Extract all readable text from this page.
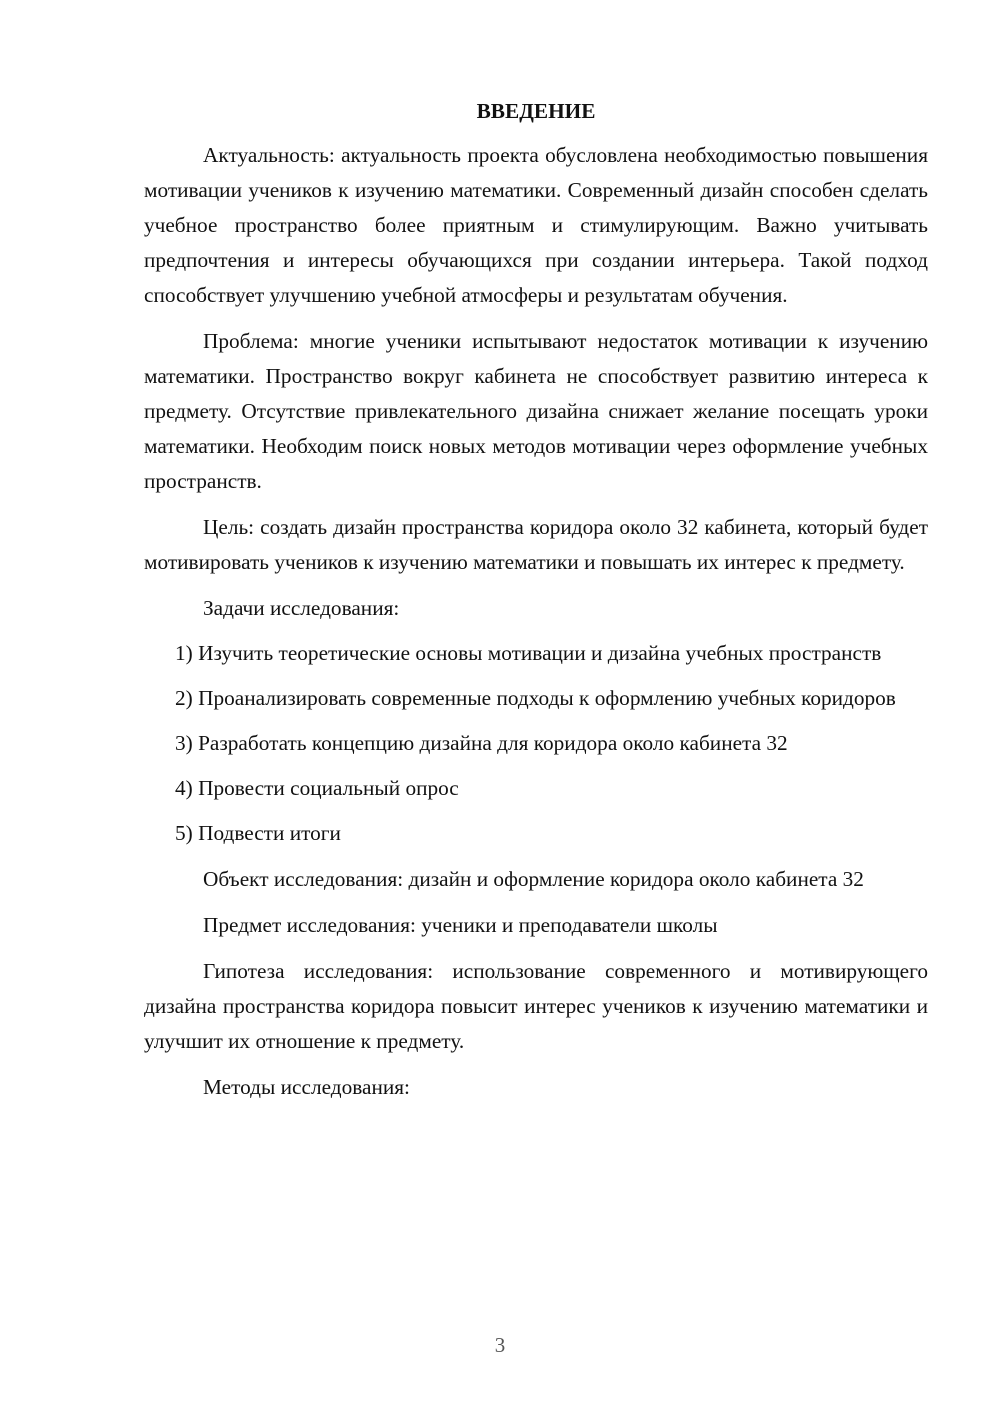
ВВЕДЕНИЕ

Актуальность: актуальность проекта обусловлена необходимостью повышения мотивации учеников к изучению математики. Современный дизайн способен сделать учебное пространство более приятным и стимулирующим. Важно учитывать предпочтения и интересы обучающихся при создании интерьера. Такой подход способствует улучшению учебной атмосферы и результатам обучения.

Проблема: многие ученики испытывают недостаток мотивации к изучению математики. Пространство вокруг кабинета не способствует развитию интереса к предмету. Отсутствие привлекательного дизайна снижает желание посещать уроки математики. Необходим поиск новых методов мотивации через оформление учебных пространств.

Цель: создать дизайн пространства коридора около 32 кабинета, который будет мотивировать учеников к изучению математики и повышать их интерес к предмету.

Задачи исследования:

1) Изучить теоретические основы мотивации и дизайна учебных пространств

2) Проанализировать современные подходы к оформлению учебных коридоров

3) Разработать концепцию дизайна для коридора около кабинета 32

4) Провести социальный опрос

5) Подвести итоги

Объект исследования: дизайн и оформление коридора около кабинета 32

Предмет исследования: ученики и преподаватели школы

Гипотеза исследования: использование современного и мотивирующего дизайна пространства коридора повысит интерес учеников к изучению математики и улучшит их отношение к предмету.

Методы исследования:

3
